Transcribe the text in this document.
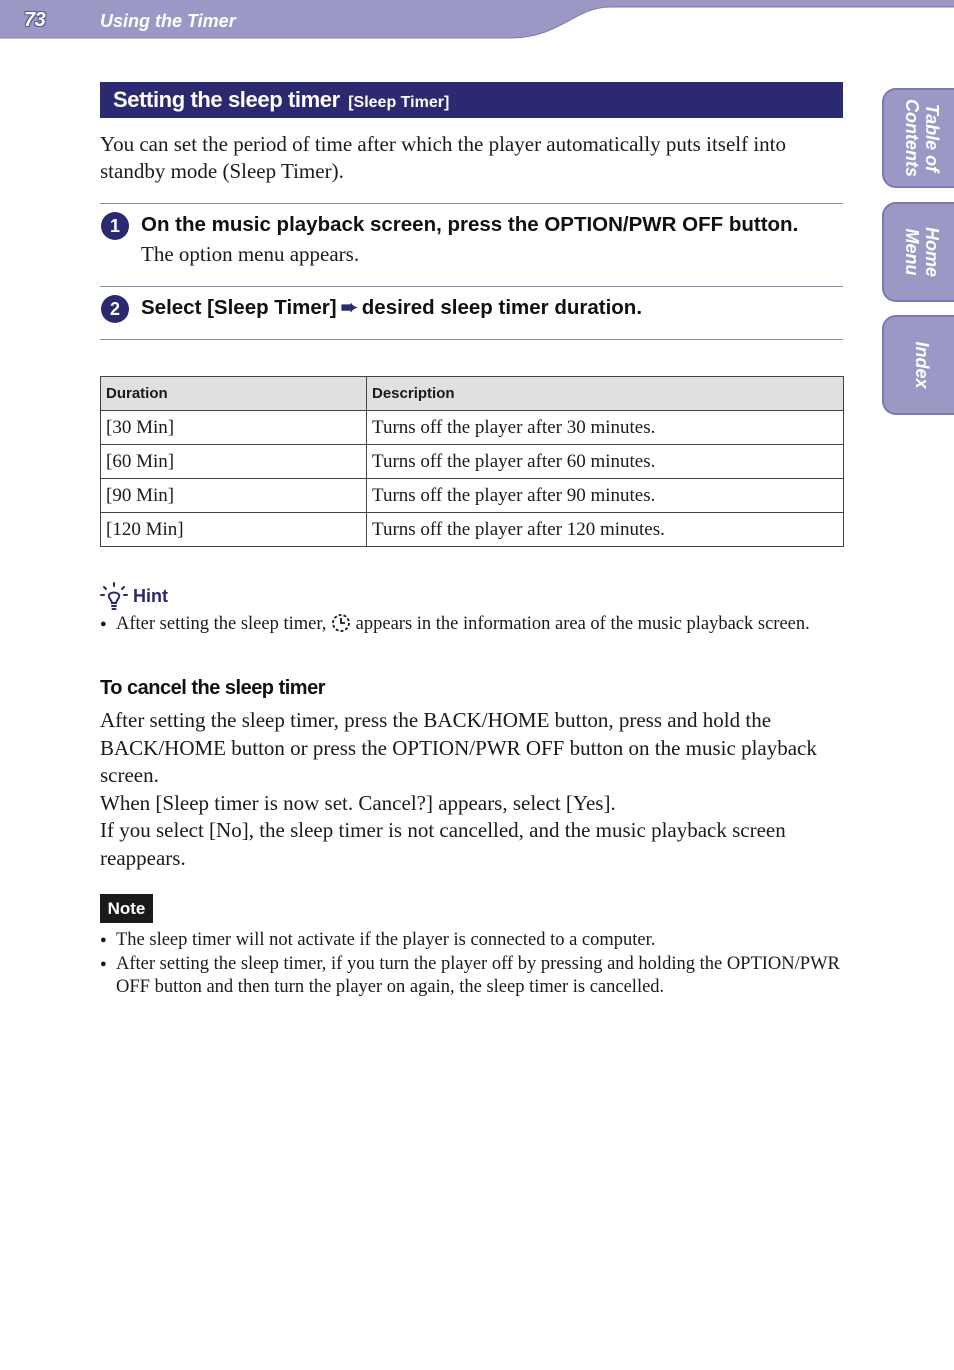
73	Using the Timer
Table of
Contents
Home
Menu
Index
Setting the sleep timer [Sleep Timer]

You can set the period of time after which the player automatically puts itself into standby mode (Sleep Timer).

1	On the music playback screen, press the OPTION/PWR OFF button.
The option menu appears.
2	Select [Sleep Timer] ➨ desired sleep timer duration.
Duration	Description
[30 Min]	Turns off the player after 30 minutes.
[60 Min]	Turns off the player after 60 minutes.
[90 Min]	Turns off the player after 90 minutes.
[120 Min]	Turns off the player after 120 minutes.
Hint
● After setting the sleep timer, appears in the information area of the music playback screen.
To cancel the sleep timer
After setting the sleep timer, press the BACK/HOME button, press and hold the BACK/HOME button or press the OPTION/PWR OFF button on the music playback screen.
When [Sleep timer is now set. Cancel?] appears, select [Yes].
If you select [No], the sleep timer is not cancelled, and the music playback screen reappears.
Note
● The sleep timer will not activate if the player is connected to a computer.
● After setting the sleep timer, if you turn the player off by pressing and holding the OPTION/PWR OFF button and then turn the player on again, the sleep timer is cancelled.
